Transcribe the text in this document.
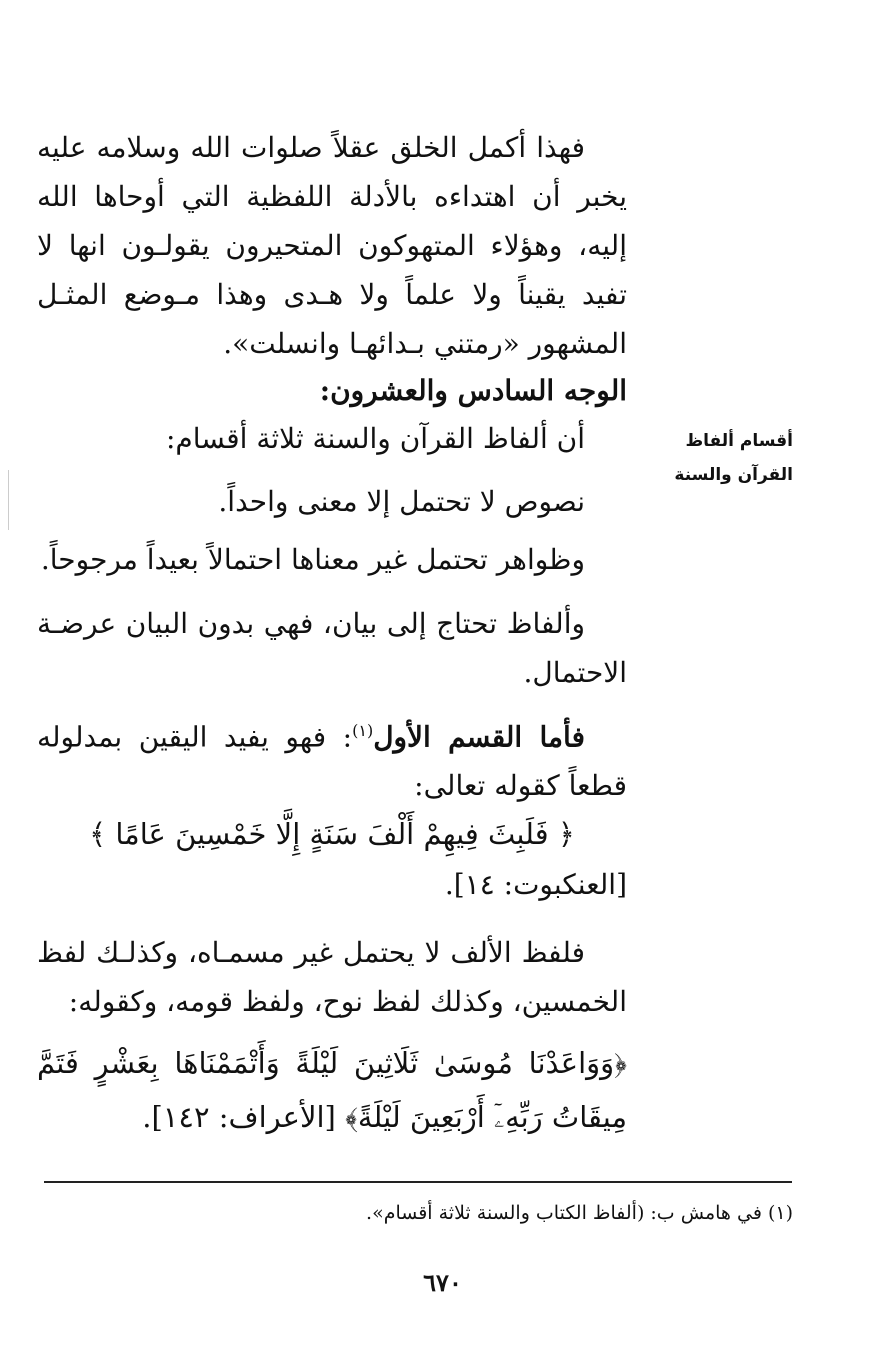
فهذا أكمل الخلق عقلاً صلوات الله وسلامه عليه يخبر أن اهتداءه بالأدلة اللفظية التي أوحاها الله إليه، وهؤلاء المتهوكون المتحيرون يقولـون انها لا تفيد يقيناً ولا علماً ولا هـدى وهذا مـوضع المثـل المشهور «رمتني بـدائهـا وانسلت».

الوجه السادس والعشرون:

أقسام ألفاظ القرآن والسنة

أن ألفاظ القرآن والسنة ثلاثة أقسام:

نصوص لا تحتمل إلا معنى واحداً.

وظواهر تحتمل غير معناها احتمالاً بعيداً مرجوحاً.

وألفاظ تحتاج إلى بيان، فهي بدون البيان عرضـة الاحتمال.

فأما القسم الأول$^{(١)}$: فهو يفيد اليقين بمدلوله قطعاً كقوله تعالى:

﴿ فَلَبِثَ فِيهِمْ أَلْفَ سَنَةٍ إِلَّا خَمْسِينَ عَامًا ﴾
[العنكبوت: ١٤].

فلفظ الألف لا يحتمل غير مسمـاه، وكذلـك لفظ الخمسين، وكذلك لفظ نوح، ولفظ قومه، وكقوله:

﴿وَوَاعَدْنَا مُوسَىٰ ثَلَاثِينَ لَيْلَةً وَأَتْمَمْنَاهَا بِعَشْرٍ فَتَمَّ مِيقَاتُ رَبِّهِۦٓ أَرْبَعِينَ لَيْلَةً﴾ [الأعراف: ١٤٢].
(١) في هامش ب: (ألفاظ الكتاب والسنة ثلاثة أقسام».
٦٧٠
